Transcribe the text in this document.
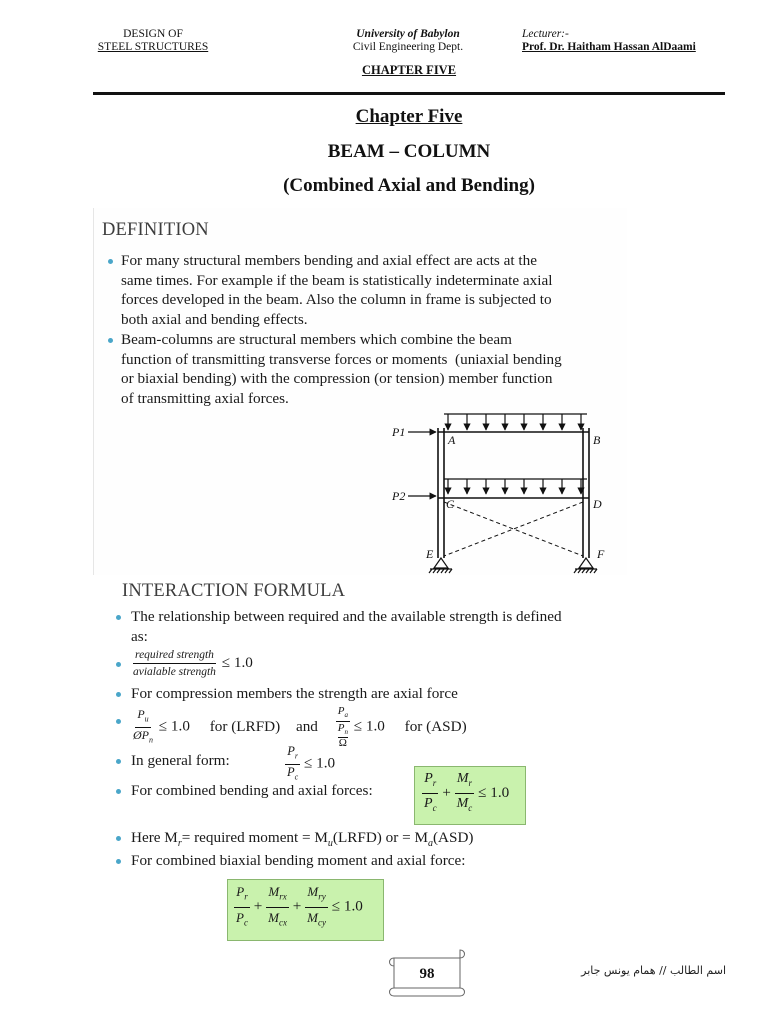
DESIGN OF
STEEL STRUCTURES
University of Babylon
Civil Engineering Dept.
Lecturer:-
Prof. Dr. Haitham Hassan AlDaami
CHAPTER FIVE
Chapter Five
BEAM – COLUMN
(Combined Axial and Bending)
DEFINITION
For many structural members bending and axial effect are acts at the
same times. For example if the beam is statistically indeterminate axial
forces developed in the beam. Also the column in frame is subjected to
both axial and bending effects.
Beam-columns are structural members which combine the beam
function of transmitting transverse forces or moments  (uniaxial bending
or biaxial bending) with the compression (or tension) member function
of transmitting axial forces.
P1
P2
A	B
C	D
E	F
INTERACTION FORMULA
The relationship between required and the available strength is defined
as:
$\frac{\text{required strength}}{\text{avialable strength}} \le 1.0$
For compression members the strength are axial force
$\frac{P_u}{ØP_n} \le 1.0$ for (LRFD) and $P_a$
$P_n$
Ω ≤ 1.0 for (ASD)
In general form:	$\frac{P_r}{P_c} \le 1.0$
For combined bending and axial forces:	$\frac{P_r}{P_c} + \frac{M_r}{M_c} \le 1.0$
Here $M_r=$ required moment = $M_u(LRFD)$ or = $M_a(ASD)$
For combined biaxial bending moment and axial force:
$\frac{P_r}{P_c} + \frac{M_{rx}}{M_{cx}} + \frac{M_{ry}}{M_{cy}} \le 1.0$
98	اسم الطالب // همام يونس جابر
